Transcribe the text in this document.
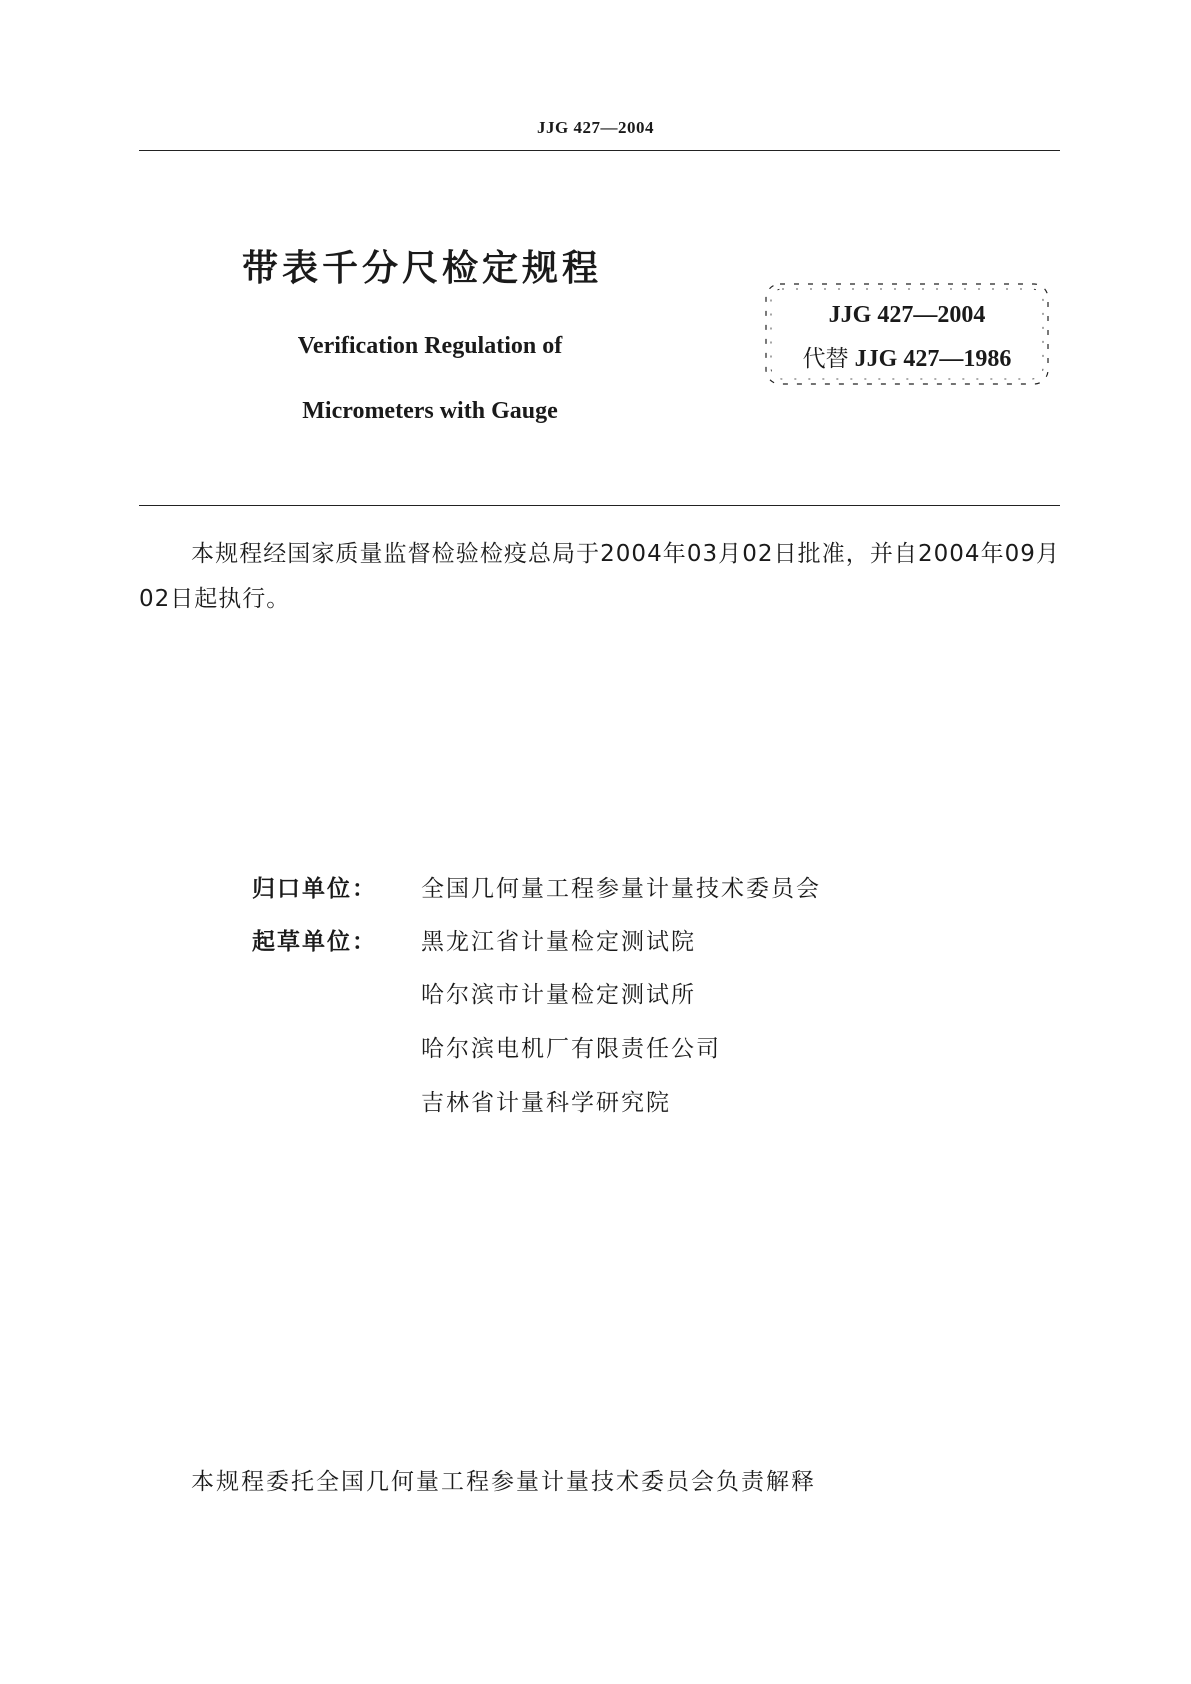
JJG 427—2004
带表千分尺检定规程
Verification Regulation of
Micrometers with Gauge
JJG 427—2004
代替 JJG 427—1986
本规程经国家质量监督检验检疫总局于2004年03月02日批准，并自2004年09月02日起执行。
归口单位： 全国几何量工程参量计量技术委员会
起草单位： 黑龙江省计量检定测试院
哈尔滨市计量检定测试所
哈尔滨电机厂有限责任公司
吉林省计量科学研究院
本规程委托全国几何量工程参量计量技术委员会负责解释
